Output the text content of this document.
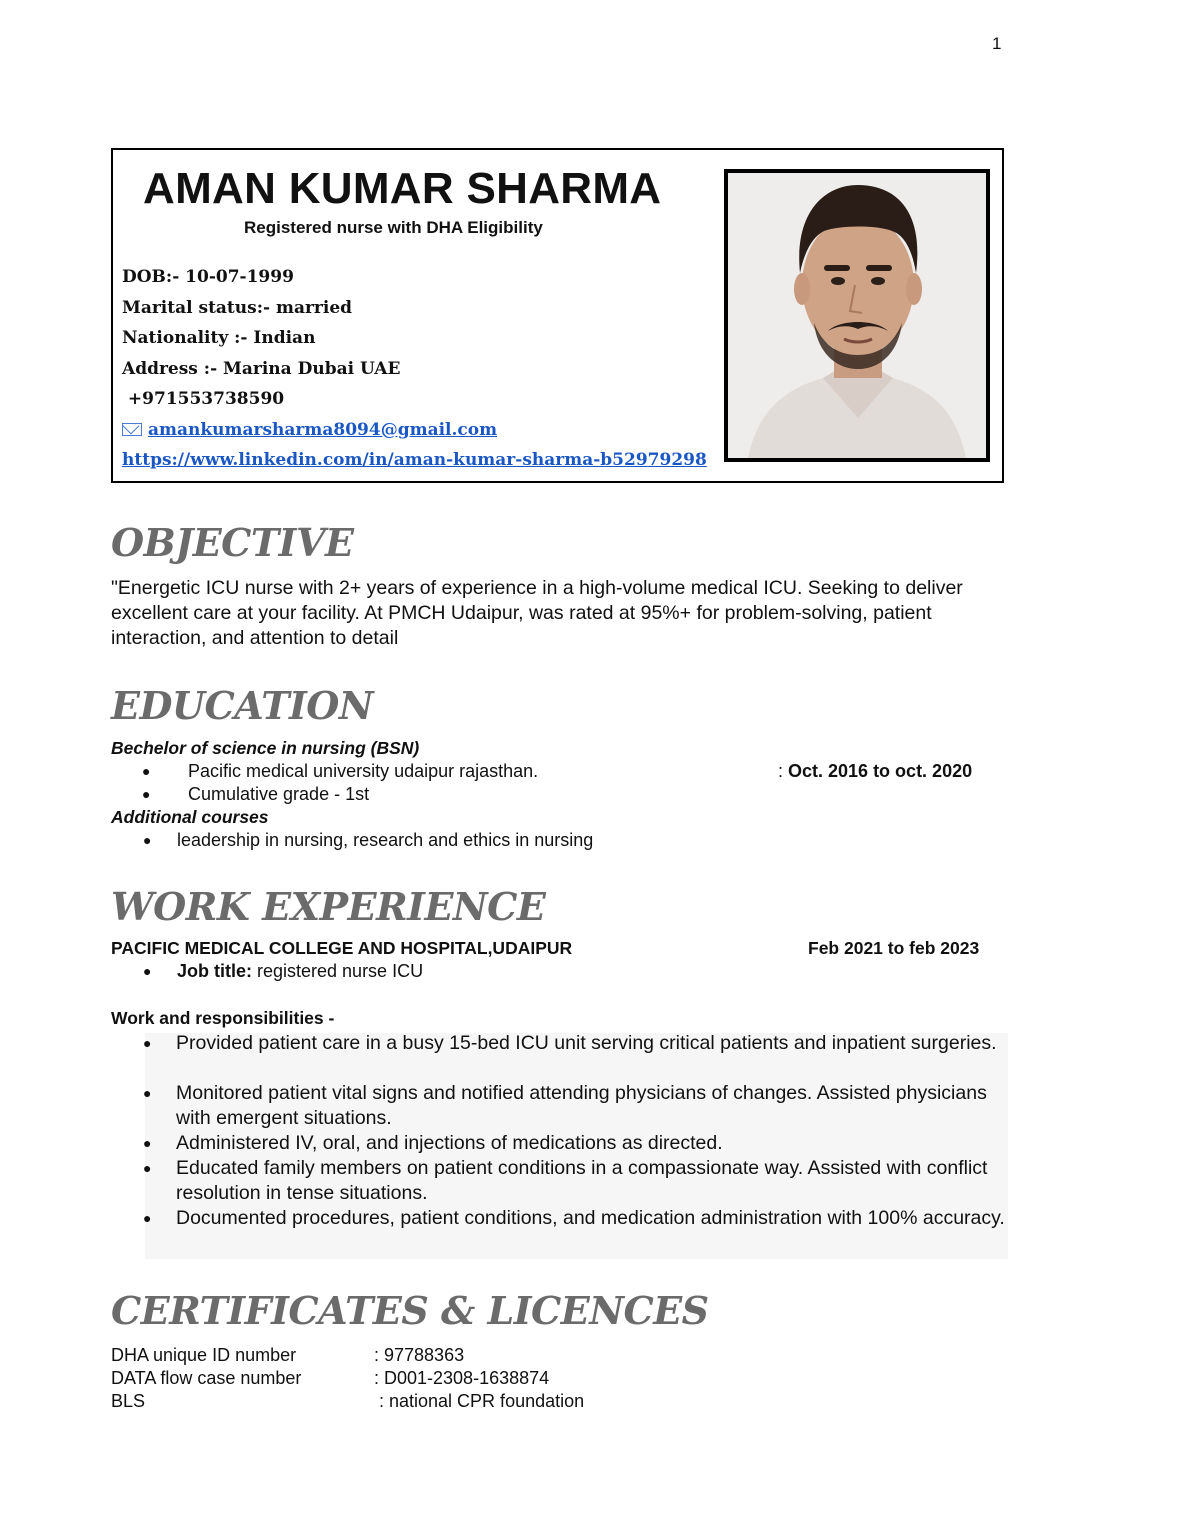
1
AMAN KUMAR SHARMA
Registered nurse with DHA Eligibility
DOB:- 10-07-1999
Marital status:- married
Nationality :- Indian
Address :- Marina Dubai UAE
+971553738590
amankumarsharma8094@gmail.com
https://www.linkedin.com/in/aman-kumar-sharma-b52979298
OBJECTIVE
"Energetic ICU nurse with 2+ years of experience in a high-volume medical ICU. Seeking to deliver excellent care at your facility. At PMCH Udaipur, was rated at 95%+ for problem-solving, patient interaction, and attention to detail
EDUCATION
Bechelor of science in nursing (BSN)
● Pacific medical university udaipur rajasthan.	: Oct. 2016 to oct. 2020
● Cumulative grade - 1st
Additional courses
● leadership in nursing, research and ethics in nursing
WORK EXPERIENCE
PACIFIC MEDICAL COLLEGE AND HOSPITAL,UDAIPUR	Feb 2021 to feb 2023
● Job title: registered nurse ICU
Work and responsibilities -
● Provided patient care in a busy 15-bed ICU unit serving critical patients and inpatient surgeries.
● Monitored patient vital signs and notified attending physicians of changes. Assisted physicians with emergent situations.
● Administered IV, oral, and injections of medications as directed.
● Educated family members on patient conditions in a compassionate way. Assisted with conflict resolution in tense situations.
● Documented procedures, patient conditions, and medication administration with 100% accuracy.
CERTIFICATES & LICENCES
DHA unique ID number	: 97788363
DATA flow case number	: D001-2308-1638874
BLS	: national CPR foundation
